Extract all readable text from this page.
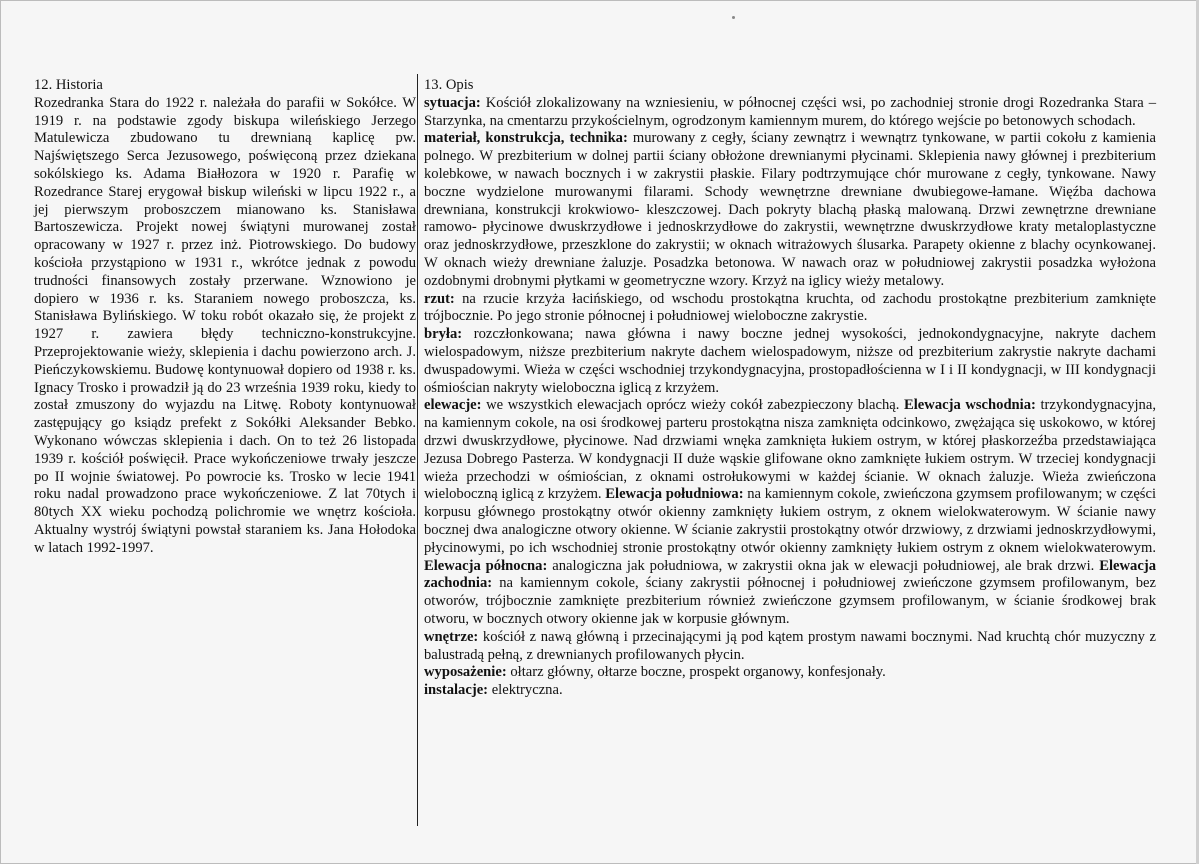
12. Historia

Rozedranka Stara do 1922 r. należała do parafii w Sokółce. W 1919 r. na podstawie zgody biskupa wileńskiego Jerzego Matulewicza zbudowano tu drewnianą kaplicę pw. Najświętszego Serca Jezusowego, poświęconą przez dziekana sokólskiego ks. Adama Białłozora w 1920 r. Parafię w Rozedrance Starej erygował biskup wileński w lipcu 1922 r., a jej pierwszym proboszczem mianowano ks. Stanisława Bartoszewicza. Projekt nowej świątyni murowanej został opracowany w 1927 r. przez inż. Piotrowskiego. Do budowy kościoła przystąpiono w 1931 r., wkrótce jednak z powodu trudności finansowych zostały przerwane. Wznowiono je dopiero w 1936 r. ks. Staraniem nowego proboszcza, ks. Stanisława Bylińskiego. W toku robót okazało się, że projekt z 1927 r. zawiera błędy techniczno-konstrukcyjne. Przeprojektowanie wieży, sklepienia i dachu powierzono arch. J. Pieńczykowskiemu. Budowę kontynuował dopiero od 1938 r. ks. Ignacy Trosko i prowadził ją do 23 września 1939 roku, kiedy to został zmuszony do wyjazdu na Litwę. Roboty kontynuował zastępujący go ksiądz prefekt z Sokółki Aleksander Bebko. Wykonano wówczas sklepienia i dach. On to też 26 listopada 1939 r. kościół poświęcił. Prace wykończeniowe trwały jeszcze po II wojnie światowej. Po powrocie ks. Trosko w lecie 1941 roku nadal prowadzono prace wykończeniowe. Z lat 70tych i 80tych XX wieku pochodzą polichromie we wnętrz kościoła. Aktualny wystrój świątyni powstał staraniem ks. Jana Hołodoka w latach 1992-1997.

13. Opis

sytuacja: Kościół zlokalizowany na wzniesieniu, w północnej części wsi, po zachodniej stronie drogi Rozedranka Stara – Starzynka, na cmentarzu przykościelnym, ogrodzonym kamiennym murem, do którego wejście po betonowych schodach.

materiał, konstrukcja, technika: murowany z cegły, ściany zewnątrz i wewnątrz tynkowane, w partii cokołu z kamienia polnego. W prezbiterium w dolnej partii ściany obłożone drewnianymi płycinami. Sklepienia nawy głównej i prezbiterium kolebkowe, w nawach bocznych i w zakrystii płaskie. Filary podtrzymujące chór murowane z cegły, tynkowane. Nawy boczne wydzielone murowanymi filarami. Schody wewnętrzne drewniane dwubiegowe-łamane. Więźba dachowa drewniana, konstrukcji krokwiowo- kleszczowej. Dach pokryty blachą płaską malowaną. Drzwi zewnętrzne drewniane ramowo- płycinowe dwuskrzydłowe i jednoskrzydłowe do zakrystii, wewnętrzne dwuskrzydłowe kraty metaloplastyczne oraz jednoskrzydłowe, przeszklone do zakrystii; w oknach witrażowych ślusarka. Parapety okienne z blachy ocynkowanej. W oknach wieży drewniane żaluzje. Posadzka betonowa. W nawach oraz w południowej zakrystii posadzka wyłożona ozdobnymi drobnymi płytkami w geometryczne wzory. Krzyż na iglicy wieży metalowy.

rzut: na rzucie krzyża łacińskiego, od wschodu prostokątna kruchta, od zachodu prostokątne prezbiterium zamknięte trójbocznie. Po jego stronie północnej i południowej wieloboczne zakrystie.

bryła: rozczłonkowana; nawa główna i nawy boczne jednej wysokości, jednokondygnacyjne, nakryte dachem wielospadowym, niższe prezbiterium nakryte dachem wielospadowym, niższe od prezbiterium zakrystie nakryte dachami dwuspadowymi. Wieża w części wschodniej trzykondygnacyjna, prostopadłościenna w I i II kondygnacji, w III kondygnacji ośmiościan nakryty wieloboczna iglicą z krzyżem.

elewacje: we wszystkich elewacjach oprócz wieży cokół zabezpieczony blachą. Elewacja wschodnia: trzykondygnacyjna, na kamiennym cokole, na osi środkowej parteru prostokątna nisza zamknięta odcinkowo, zwężająca się uskokowo, w której drzwi dwuskrzydłowe, płycinowe. Nad drzwiami wnęka zamknięta łukiem ostrym, w której płaskorzeźba przedstawiająca Jezusa Dobrego Pasterza. W kondygnacji II duże wąskie glifowane okno zamknięte łukiem ostrym. W trzeciej kondygnacji wieża przechodzi w ośmiościan, z oknami ostrołukowymi w każdej ścianie. W oknach żaluzje. Wieża zwieńczona wieloboczną iglicą z krzyżem. Elewacja południowa: na kamiennym cokole, zwieńczona gzymsem profilowanym; w części korpusu głównego prostokątny otwór okienny zamknięty łukiem ostrym, z oknem wielokwaterowym. W ścianie nawy bocznej dwa analogiczne otwory okienne. W ścianie zakrystii prostokątny otwór drzwiowy, z drzwiami jednoskrzydłowymi, płycinowymi, po ich wschodniej stronie prostokątny otwór okienny zamknięty łukiem ostrym z oknem wielokwaterowym. Elewacja północna: analogiczna jak południowa, w zakrystii okna jak w elewacji południowej, ale brak drzwi. Elewacja zachodnia: na kamiennym cokole, ściany zakrystii północnej i południowej zwieńczone gzymsem profilowanym, bez otworów, trójbocznie zamknięte prezbiterium również zwieńczone gzymsem profilowanym, w ścianie środkowej brak otworu, w bocznych otwory okienne jak w korpusie głównym.

wnętrze: kościół z nawą główną i przecinającymi ją pod kątem prostym nawami bocznymi. Nad kruchtą chór muzyczny z balustradą pełną, z drewnianych profilowanych płycin.

wyposażenie: ołtarz główny, ołtarze boczne, prospekt organowy, konfesjonały.

instalacje: elektryczna.
